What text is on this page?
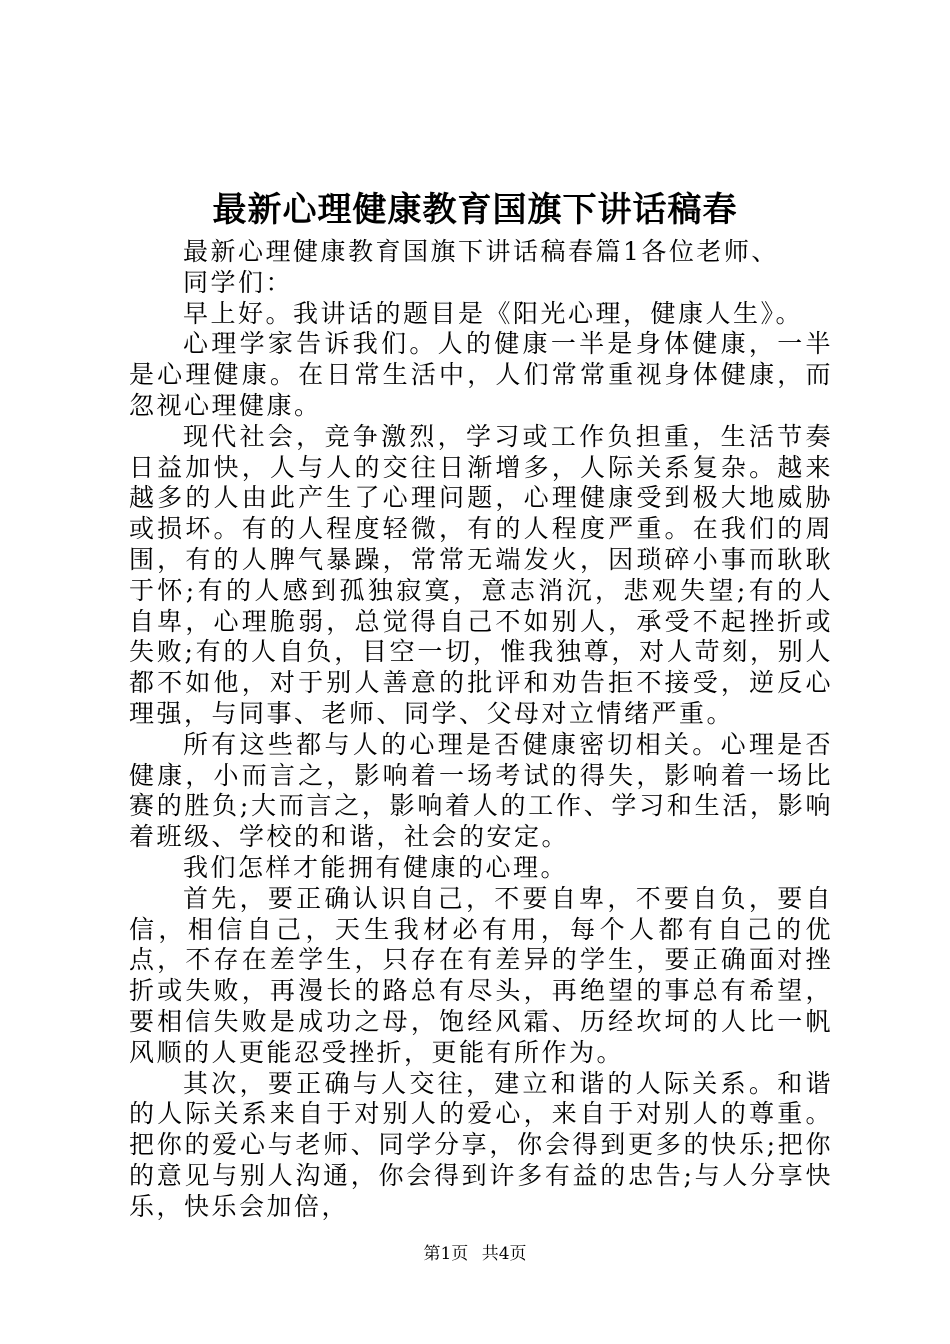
最新心理健康教育国旗下讲话稿春

最新心理健康教育国旗下讲话稿春篇1各位老师、

同学们：

早上好。我讲话的题目是《阳光心理，健康人生》。

心理学家告诉我们。人的健康一半是身体健康，一半是心理健康。在日常生活中，人们常常重视身体健康，而忽视心理健康。

现代社会，竞争激烈，学习或工作负担重，生活节奏日益加快，人与人的交往日渐增多，人际关系复杂。越来越多的人由此产生了心理问题，心理健康受到极大地威胁或损坏。有的人程度轻微，有的人程度严重。在我们的周围，有的人脾气暴躁，常常无端发火，因琐碎小事而耿耿于怀;有的人感到孤独寂寞，意志消沉，悲观失望;有的人自卑，心理脆弱，总觉得自己不如别人，承受不起挫折或失败;有的人自负，目空一切，惟我独尊，对人苛刻，别人都不如他，对于别人善意的批评和劝告拒不接受，逆反心理强，与同事、老师、同学、父母对立情绪严重。

所有这些都与人的心理是否健康密切相关。心理是否健康，小而言之，影响着一场考试的得失，影响着一场比赛的胜负;大而言之，影响着人的工作、学习和生活，影响着班级、学校的和谐，社会的安定。

我们怎样才能拥有健康的心理。

首先，要正确认识自己，不要自卑，不要自负，要自信，相信自己，天生我材必有用，每个人都有自己的优点，不存在差学生，只存在有差异的学生，要正确面对挫折或失败，再漫长的路总有尽头，再绝望的事总有希望，要相信失败是成功之母，饱经风霜、历经坎坷的人比一帆风顺的人更能忍受挫折，更能有所作为。

其次，要正确与人交往，建立和谐的人际关系。和谐的人际关系来自于对别人的爱心，来自于对别人的尊重。把你的爱心与老师、同学分享，你会得到更多的快乐;把你的意见与别人沟通，你会得到许多有益的忠告;与人分享快乐，快乐会加倍，

第1页 共4页
